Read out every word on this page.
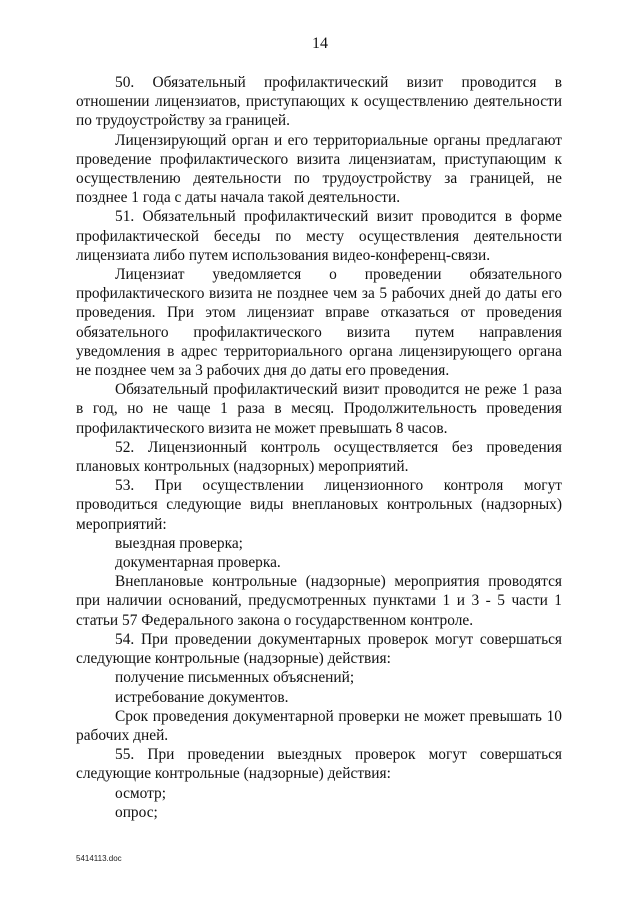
14

50. Обязательный профилактический визит проводится в отношении лицензиатов, приступающих к осуществлению деятельности по трудоустройству за границей.

Лицензирующий орган и его территориальные органы предлагают проведение профилактического визита лицензиатам, приступающим к осуществлению деятельности по трудоустройству за границей, не позднее 1 года с даты начала такой деятельности.

51. Обязательный профилактический визит проводится в форме профилактической беседы по месту осуществления деятельности лицензиата либо путем использования видео-конференц-связи.

Лицензиат уведомляется о проведении обязательного профилактического визита не позднее чем за 5 рабочих дней до даты его проведения. При этом лицензиат вправе отказаться от проведения обязательного профилактического визита путем направления уведомления в адрес территориального органа лицензирующего органа не позднее чем за 3 рабочих дня до даты его проведения.

Обязательный профилактический визит проводится не реже 1 раза в год, но не чаще 1 раза в месяц. Продолжительность проведения профилактического визита не может превышать 8 часов.

52. Лицензионный контроль осуществляется без проведения плановых контрольных (надзорных) мероприятий.

53. При осуществлении лицензионного контроля могут проводиться следующие виды внеплановых контрольных (надзорных) мероприятий:

выездная проверка;

документарная проверка.

Внеплановые контрольные (надзорные) мероприятия проводятся при наличии оснований, предусмотренных пунктами 1 и 3 - 5 части 1 статьи 57 Федерального закона о государственном контроле.

54. При проведении документарных проверок могут совершаться следующие контрольные (надзорные) действия:

получение письменных объяснений;

истребование документов.

Срок проведения документарной проверки не может превышать 10 рабочих дней.

55. При проведении выездных проверок могут совершаться следующие контрольные (надзорные) действия:

осмотр;

опрос;

5414113.doc
